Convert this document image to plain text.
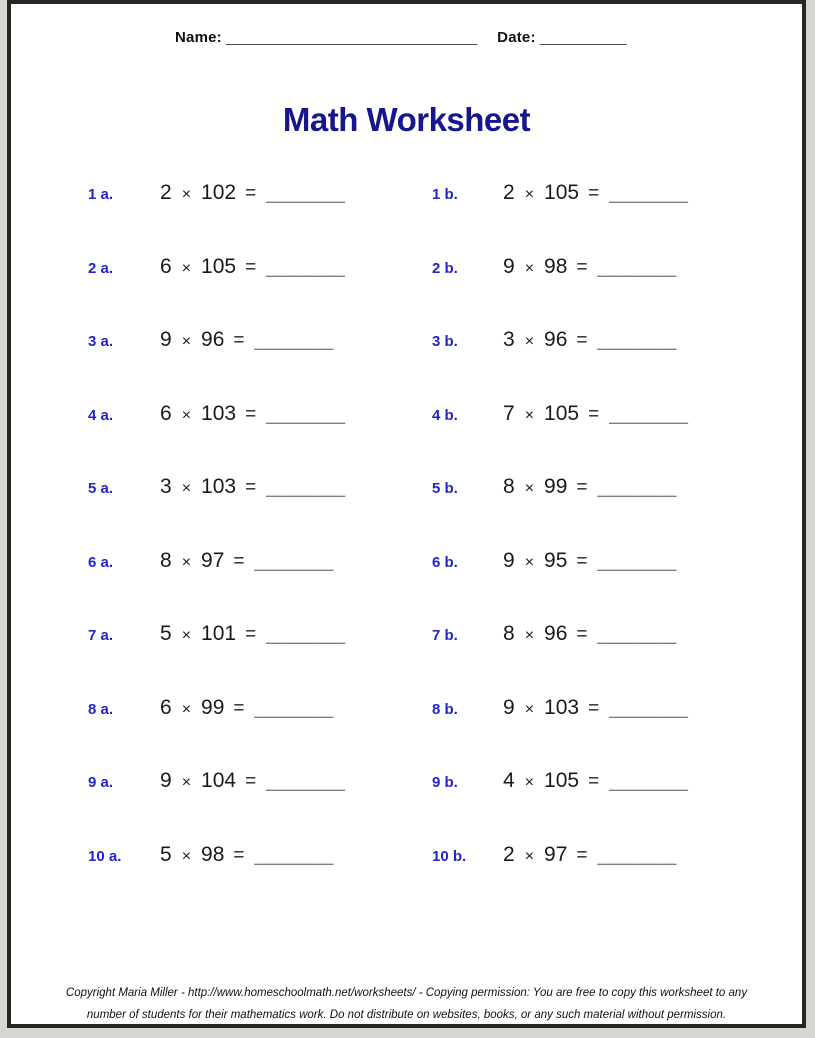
Name: ________________________________ Date: ___________
Math Worksheet
1 a. 2 × 102 = _______	1 b. 2 × 105 = _______
2 a. 6 × 105 = _______	2 b. 9 × 98 = _______
3 a. 9 × 96 = _______	3 b. 3 × 96 = _______
4 a. 6 × 103 = _______	4 b. 7 × 105 = _______
5 a. 3 × 103 = _______	5 b. 8 × 99 = _______
6 a. 8 × 97 = _______	6 b. 9 × 95 = _______
7 a. 5 × 101 = _______	7 b. 8 × 96 = _______
8 a. 6 × 99 = _______	8 b. 9 × 103 = _______
9 a. 9 × 104 = _______	9 b. 4 × 105 = _______
10 a. 5 × 98 = _______	10 b. 2 × 97 = _______
Copyright Maria Miller - http://www.homeschoolmath.net/worksheets/ - Copying permission: You are free to copy this worksheet to any number of students for their mathematics work. Do not distribute on websites, books, or any such material without permission.
